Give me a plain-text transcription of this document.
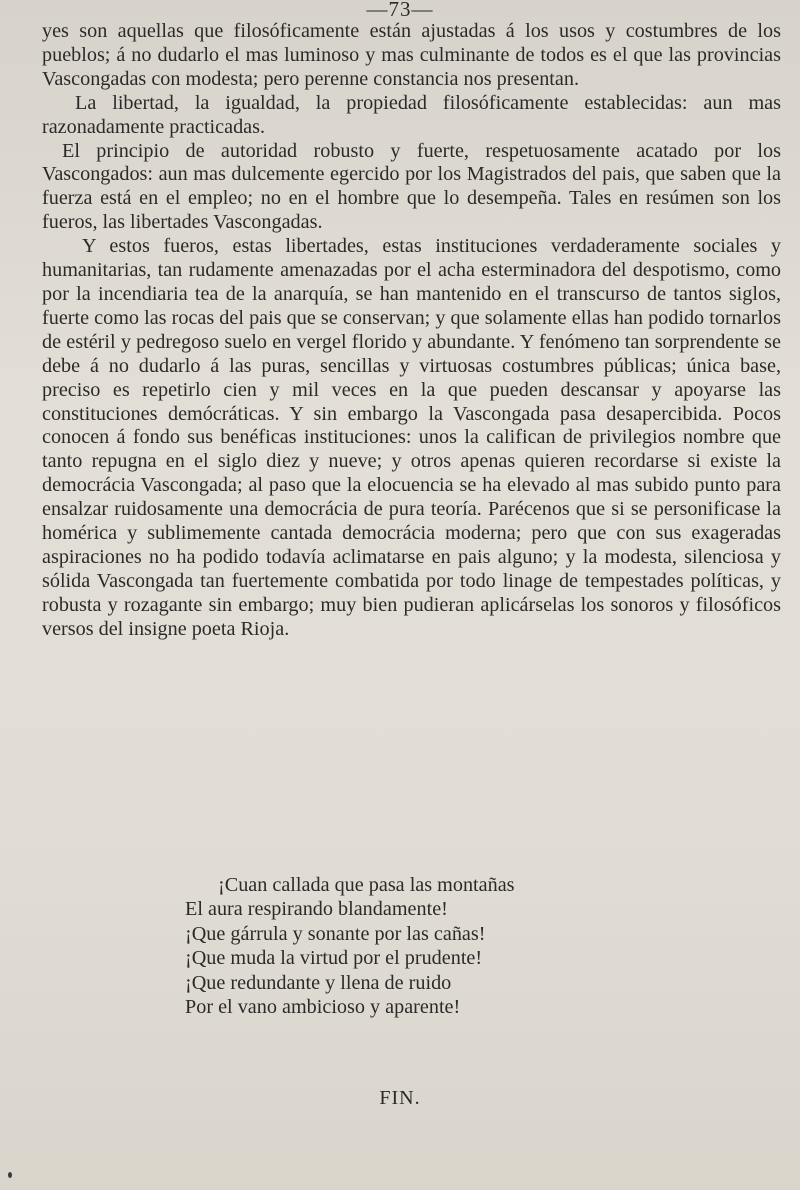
—73—

yes son aquellas que filosóficamente están ajustadas á los usos y costumbres de los pueblos; á no dudarlo el mas luminoso y mas culminante de todos es el que las provincias Vascongadas con modesta; pero perenne constancia nos presentan.

La libertad, la igualdad, la propiedad filosóficamente establecidas: aun mas razonadamente practicadas.

El principio de autoridad robusto y fuerte, respetuosamente acatado por los Vascongados: aun mas dulcemente egercido por los Magistrados del pais, que saben que la fuerza está en el empleo; no en el hombre que lo desempeña. Tales en resúmen son los fueros, las libertades Vascongadas.

Y estos fueros, estas libertades, estas instituciones verdaderamente sociales y humanitarias, tan rudamente amenazadas por el acha esterminadora del despotismo, como por la incendiaria tea de la anarquía, se han mantenido en el transcurso de tantos siglos, fuerte como las rocas del pais que se conservan; y que solamente ellas han podido tornarlos de estéril y pedregoso suelo en vergel florido y abundante. Y fenómeno tan sorprendente se debe á no dudarlo á las puras, sencillas y virtuosas costumbres públicas; única base, preciso es repetirlo cien y mil veces en la que pueden descansar y apoyarse las constituciones demócráticas. Y sin embargo la Vascongada pasa desapercibida. Pocos conocen á fondo sus benéficas instituciones: unos la califican de privilegios nombre que tanto repugna en el siglo diez y nueve; y otros apenas quieren recordarse si existe la democrácia Vascongada; al paso que la elocuencia se ha elevado al mas subido punto para ensalzar ruidosamente una democrácia de pura teoría. Parécenos que si se personificase la homérica y sublimemente cantada democrácia moderna; pero que con sus exageradas aspiraciones no ha podido todavía aclimatarse en pais alguno; y la modesta, silenciosa y sólida Vascongada tan fuertemente combatida por todo linage de tempestades políticas, y robusta y rozagante sin embargo; muy bien pudieran aplicárselas los sonoros y filosóficos versos del insigne poeta Rioja.

¡Cuan callada que pasa las montañas
El aura respirando blandamente!
¡Que gárrula y sonante por las cañas!
¡Que muda la virtud por el prudente!
¡Que redundante y llena de ruido
Por el vano ambicioso y aparente!
FIN.
